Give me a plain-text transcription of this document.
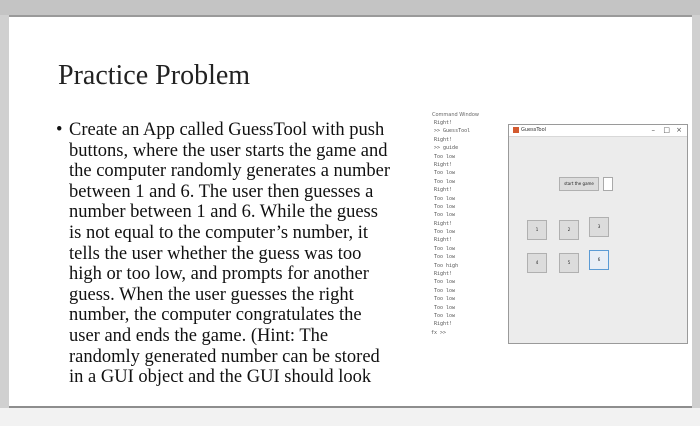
Practice Problem
• Create an App called GuessTool with push
buttons, where the user starts the game and
the computer randomly generates a number
between 1 and 6. The user then guesses a
number between 1 and 6. While the guess
is not equal to the computer’s number, it
tells the user whether the guess was too
high or too low, and prompts for another
guess. When the user guesses the right
number, the computer congratulates the
user and ends the game. (Hint: The
randomly generated number can be stored
in a GUI object and the GUI should look

Command Window
Right!
>> GuessTool
Right!
>> guide
Too low
Right!
Too low
Too low
Right!
Too low
Too low
Too low
Right!
Too low
Right!
Too low
Too low
Too high
Right!
Too low
Too low
Too low
Too low
Too low
Right!
fx >>
GuessTool	– □ ×
start the game
1	2
3
4	5
6
